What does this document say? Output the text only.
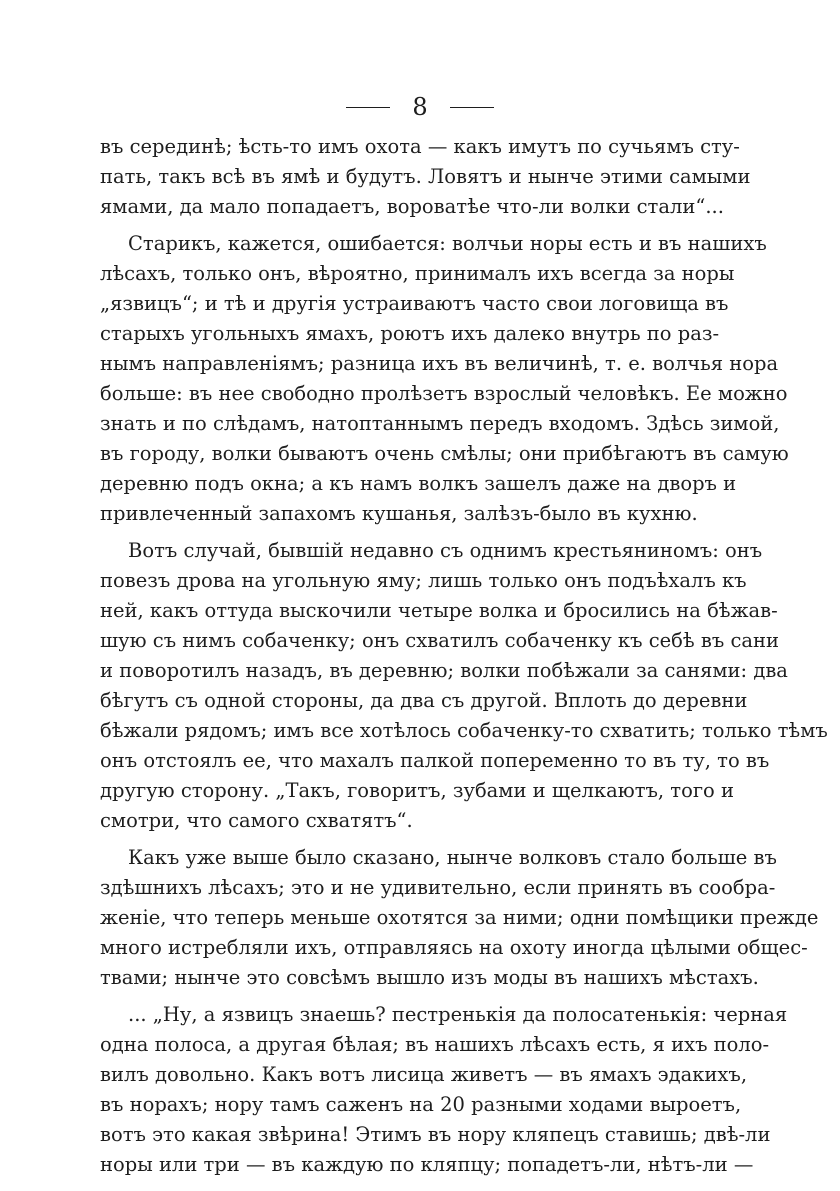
8
въ серединѣ; ѣсть-то имъ охота — какъ имутъ по сучьямъ сту-
пать, такъ всѣ въ ямѣ и будутъ. Ловятъ и нынче этими самыми
ямами, да мало попадаетъ, вороватѣе что-ли волки стали“...
Старикъ, кажется, ошибается: волчьи норы есть и въ нашихъ
лѣсахъ, только онъ, вѣроятно, принималъ ихъ всегда за норы
„язвицъ“; и тѣ и другія устраиваютъ часто свои логовища въ
старыхъ угольныхъ ямахъ, роютъ ихъ далеко внутрь по раз-
нымъ направленіямъ; разница ихъ въ величинѣ, т. е. волчья нора
больше: въ нее свободно пролѣзетъ взрослый человѣкъ. Ее можно
знать и по слѣдамъ, натоптаннымъ передъ входомъ. Здѣсь зимой,
въ городу, волки бываютъ очень смѣлы; они прибѣгаютъ въ самую
деревню подъ окна; а къ намъ волкъ зашелъ даже на дворъ и
привлеченный запахомъ кушанья, залѣзъ-было въ кухню.
Вотъ случай, бывшій недавно съ однимъ крестьяниномъ: онъ
повезъ дрова на угольную яму; лишь только онъ подъѣхалъ къ
ней, какъ оттуда выскочили четыре волка и бросились на бѣжав-
шую съ нимъ собаченку; онъ схватилъ собаченку къ себѣ въ сани
и поворотилъ назадъ, въ деревню; волки побѣжали за санями: два
бѣгутъ съ одной стороны, да два съ другой. Вплоть до деревни
бѣжали рядомъ; имъ все хотѣлось собаченку-то схватить; только тѣмъ
онъ отстоялъ ее, что махалъ палкой попеременно то въ ту, то въ
другую сторону. „Такъ, говоритъ, зубами и щелкаютъ, того и
смотри, что самого схватятъ“.
Какъ уже выше было сказано, нынче волковъ стало больше въ
здѣшнихъ лѣсахъ; это и не удивительно, если принять въ сообра-
женіе, что теперь меньше охотятся за ними; одни помѣщики прежде
много истребляли ихъ, отправляясь на охоту иногда цѣлыми общес-
твами; нынче это совсѣмъ вышло изъ моды въ нашихъ мѣстахъ.
... „Ну, а язвицъ знаешь? пестренькія да полосатенькія: черная
одна полоса, а другая бѣлая; въ нашихъ лѣсахъ есть, я ихъ поло-
вилъ довольно. Какъ вотъ лисица живетъ — въ ямахъ эдакихъ,
въ норахъ; нору тамъ саженъ на 20 разными ходами выроетъ,
вотъ это какая звѣрина! Этимъ въ нору кляпецъ ставишь; двѣ-ли
норы или три — въ каждую по кляпцу; попадетъ-ли, нѣтъ-ли —
